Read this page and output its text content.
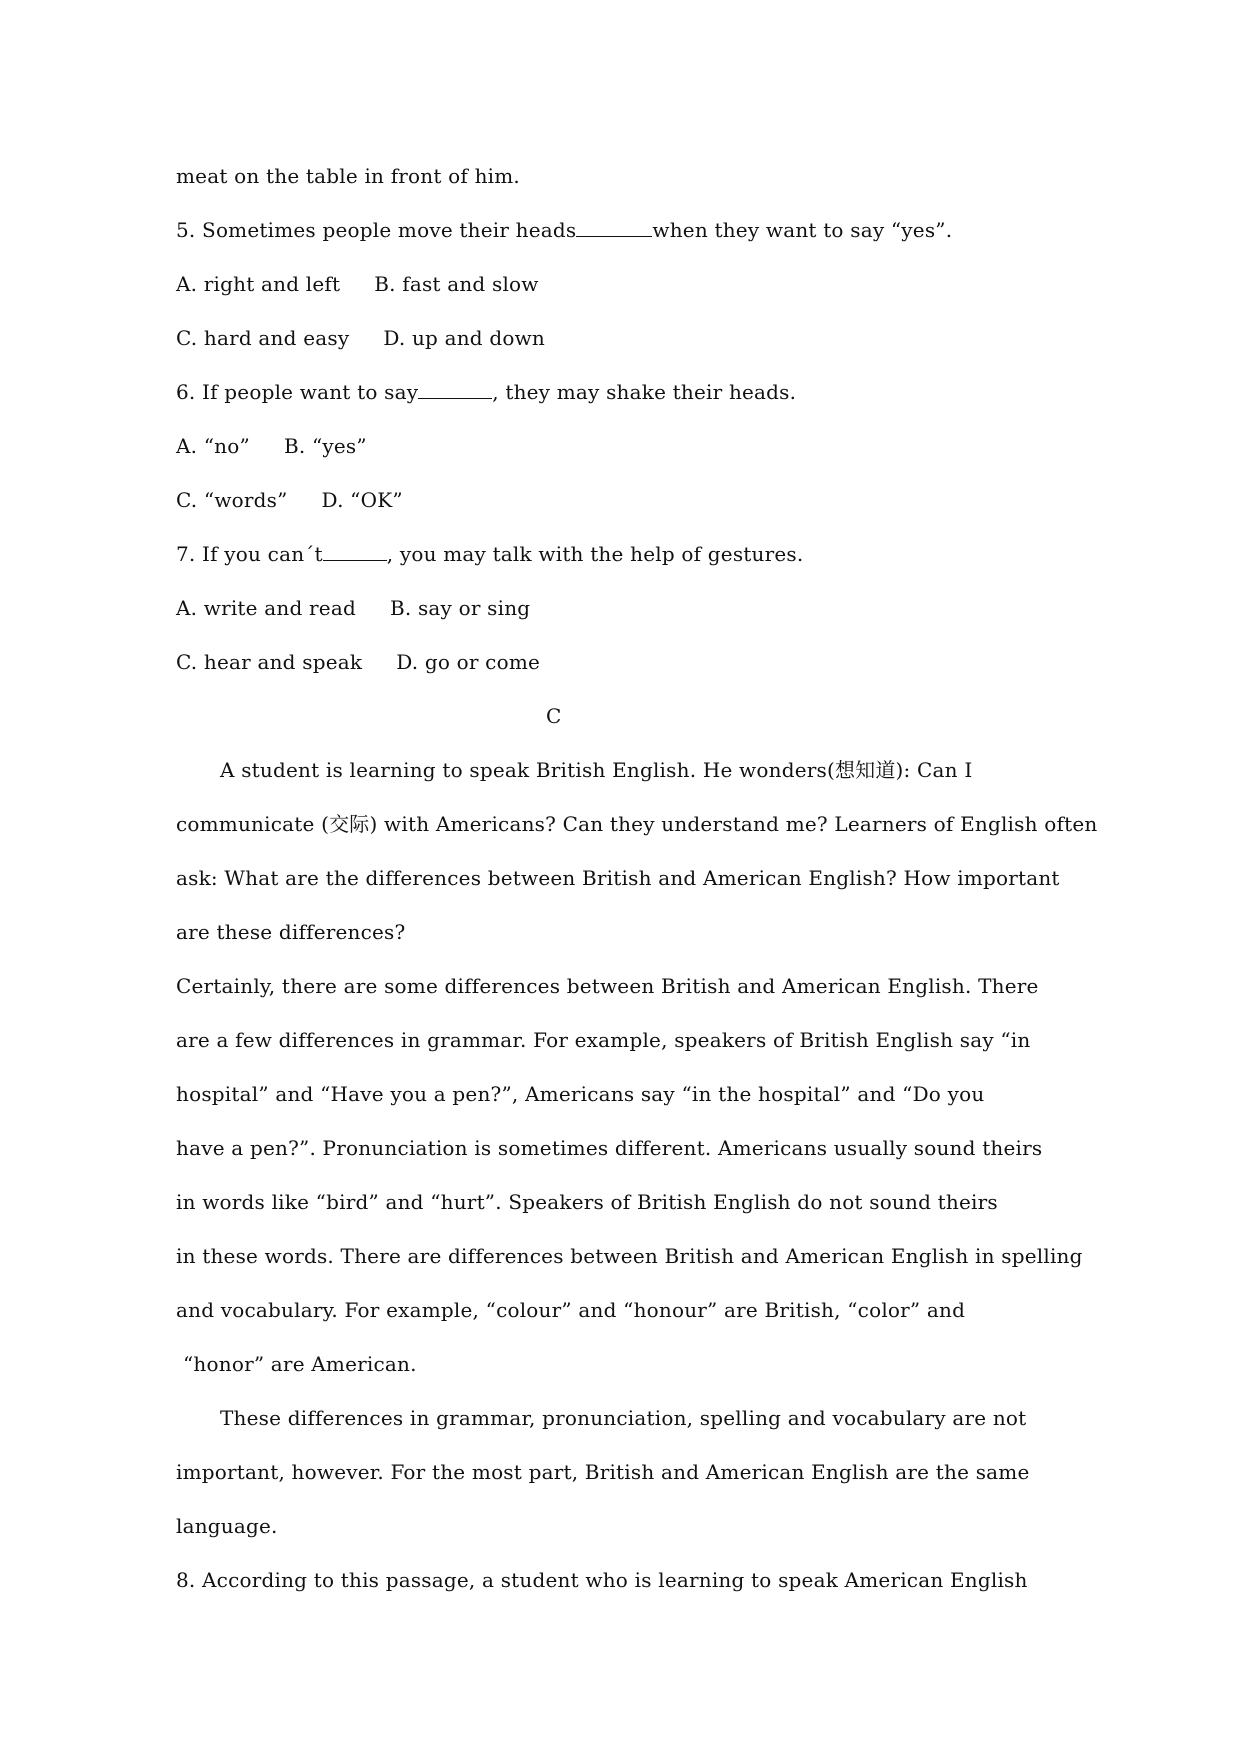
meat on the table in front of him.
5. Sometimes people move their heads	when they want to say “yes”.
A. right and left B. fast and slow
C. hard and easy D. up and down
6. If people want to say	, they may shake their heads.
A. “no” B. “yes”
C. “words” D. “OK”
7. If you canˊt	, you may talk with the help of gestures.
A. write and read B. say or sing
C. hear and speak D. go or come
C
A student is learning to speak British English. He wonders(想知道): Can I
communicate (交际) with Americans? Can they understand me? Learners of English often
ask: What are the differences between British and American English? How important
are these differences?
Certainly, there are some differences between British and American English. There
are a few differences in grammar. For example, speakers of British English say “in
hospital” and “Have you a pen?”, Americans say “in the hospital” and “Do you
have a pen?”. Pronunciation is sometimes different. Americans usually sound theirs
in words like “bird” and “hurt”. Speakers of British English do not sound theirs
in these words. There are differences between British and American English in spelling
and vocabulary. For example, “colour” and “honour” are British, “color” and
“honor” are American.
These differences in grammar, pronunciation, spelling and vocabulary are not
important, however. For the most part, British and American English are the same
language.
8. According to this passage, a student who is learning to speak American English
